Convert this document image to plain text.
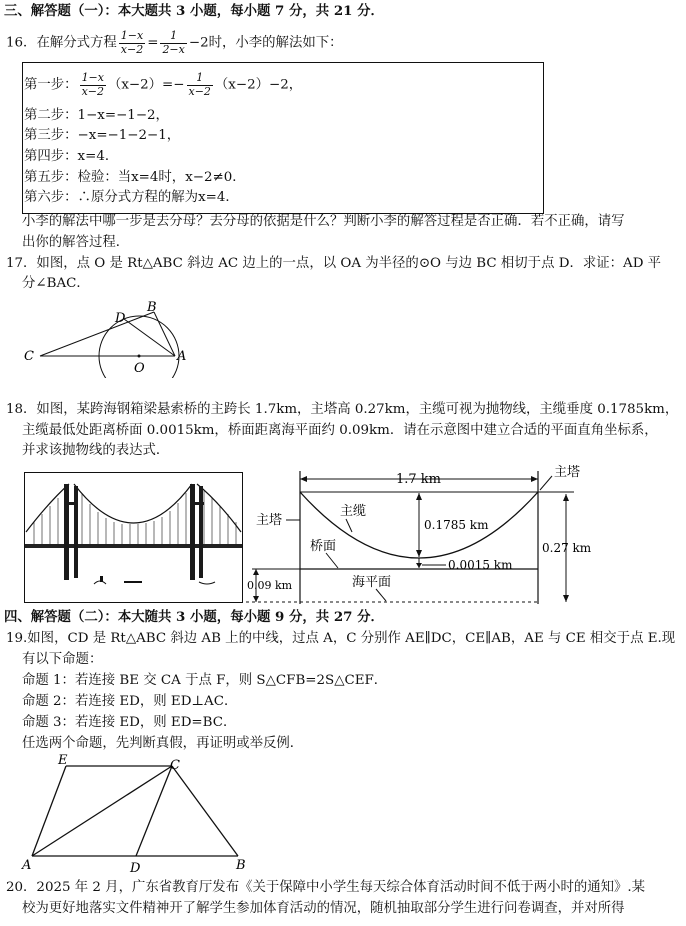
三、解答题（一）：本大题共 3 小题，每小题 7 分，共 21 分．
16．在解分式方程 $\frac{1-x}{x-2} = \frac{1}{2-x} -2$时，小李的解法如下：
第一步： $\frac{1-x}{x-2} (x-2)=- \frac{1}{x-2} (x-2)-2$，
第二步：1−x=−1−2，
第三步：−x=−1−2−1，
第四步：x=4．
第五步：检验：当x=4时，x−2≠0．
第六步：∴原分式方程的解为x=4．
小李的解法中哪一步是去分母？去分母的依据是什么？判断小李的解答过程是否正确．若不正确，请写
出你的解答过程．
17．如图，点 O 是 Rt△ABC 斜边 AC 边上的一点，以 OA 为半径的⊙O 与边 BC 相切于点 D．求证：AD 平
分∠BAC．
C
D
B
O
A
18．如图，某跨海钢箱梁悬索桥的主跨长 1.7km，主塔高 0.27km，主缆可视为抛物线，主缆垂度 0.1785km，
主缆最低处距离桥面 0.0015km，桥面距离海平面约 0.09km．请在示意图中建立合适的平面直角坐标系，
并求该抛物线的表达式．
1.7 km
0.1785 km
0.0015 km
0.27 km
0.09 km
主塔
主塔
主缆
桥面
海平面
四、解答题（二）：本大随共 3 小题，每小题 9 分，共 27 分．
19.如图，CD 是 Rt△ABC 斜边 AB 上的中线，过点 A，C 分别作 AE∥DC，CE∥AB，AE 与 CE 相交于点 E.现
有以下命题：
命题 1：若连接 BE 交 CA 于点 F，则 S△CFB=2S△CEF．
命题 2：若连接 ED，则 ED⊥AC．
命题 3：若连接 ED，则 ED=BC．
任选两个命题，先判断真假，再证明或举反例．
E	C
A	D	B
20．2025 年 2 月，广东省教育厅发布《关于保障中小学生每天综合体育活动时间不低于两小时的通知》.某
校为更好地落实文件精神开了解学生参加体育活动的情况，随机抽取部分学生进行问卷调查，并对所得
